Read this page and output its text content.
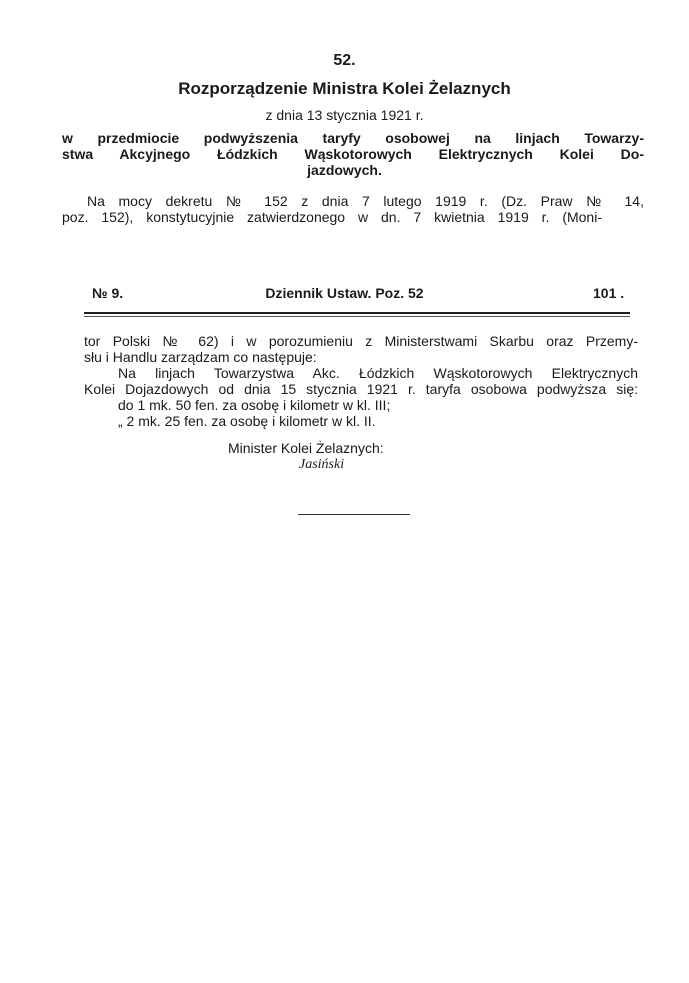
52.
Rozporządzenie Ministra Kolei Żelaznych
z dnia 13 stycznia 1921 r.
w przedmiocie podwyższenia taryfy osobowej na linjach Towarzy-
stwa Akcyjnego Łódzkich Wąskotorowych Elektrycznych Kolei Do-
jazdowych.
Na mocy dekretu № 152 z dnia 7 lutego 1919 r. (Dz. Praw № 14,
poz. 152), konstytucyjnie zatwierdzonego w dn. 7 kwietnia 1919 r. (Moni-
№ 9.	Dziennik Ustaw. Poz. 52	101 .
tor Polski № 62) i w porozumieniu z Ministerstwami Skarbu oraz Przemy-
słu i Handlu zarządzam co następuje:
Na linjach Towarzystwa Akc. Łódzkich Wąskotorowych Elektrycznych
Kolei Dojazdowych od dnia 15 stycznia 1921 r. taryfa osobowa podwyższa się:
do 1 mk. 50 fen. za osobę i kilometr w kl. III;
„ 2 mk. 25 fen. za osobę i kilometr w kl. II.
Minister Kolei Żelaznych:
Jasiński
